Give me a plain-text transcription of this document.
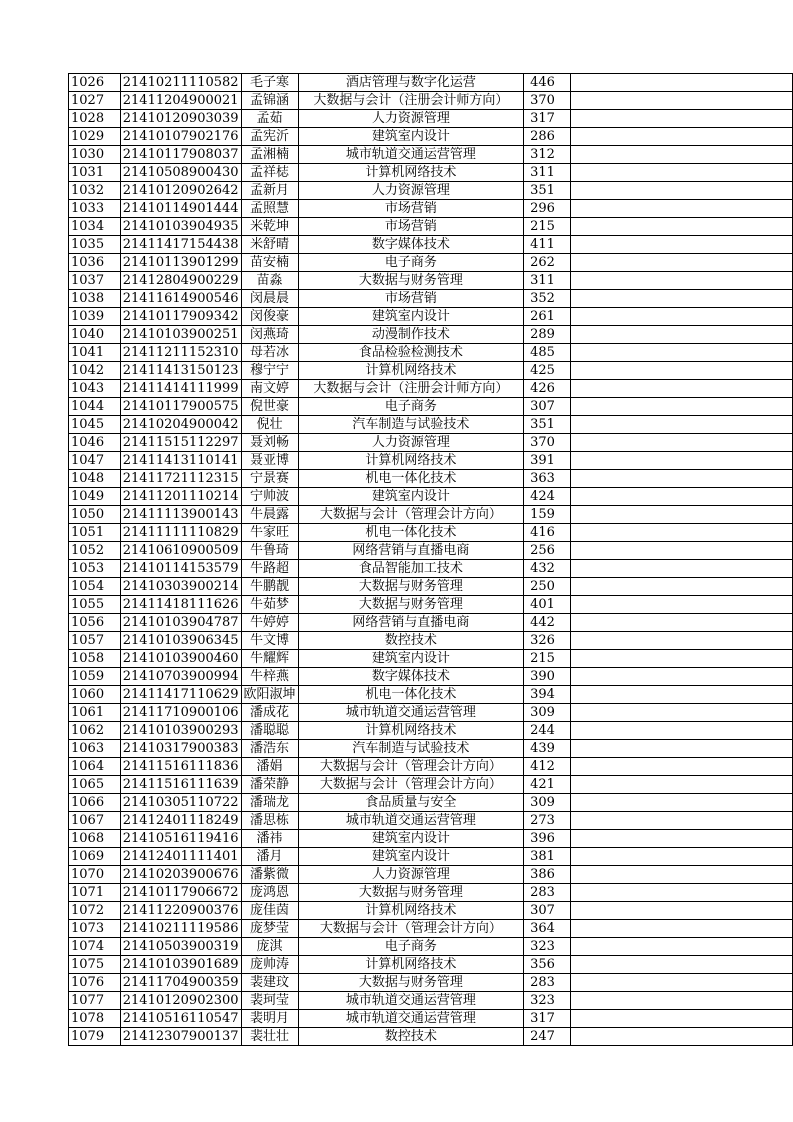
1026	21410211110582	毛子寒	酒店管理与数字化运营	446	
1027	21411204900021	孟锦涵	大数据与会计（注册会计师方向）	370	
1028	21410120903039	孟茹	人力资源管理	317	
1029	21410107902176	孟宪沂	建筑室内设计	286	
1030	21410117908037	孟湘楠	城市轨道交通运营管理	312	
1031	21410508900430	孟祥梽	计算机网络技术	311	
1032	21410120902642	孟新月	人力资源管理	351	
1033	21410114901444	孟照慧	市场营销	296	
1034	21410103904935	米乾坤	市场营销	215	
1035	21411417154438	米舒晴	数字媒体技术	411	
1036	21410113901299	苗安楠	电子商务	262	
1037	21412804900229	苗淼	大数据与财务管理	311	
1038	21411614900546	闵晨晨	市场营销	352	
1039	21410117909342	闵俊豪	建筑室内设计	261	
1040	21410103900251	闵燕琦	动漫制作技术	289	
1041	21411211152310	母若冰	食品检验检测技术	485	
1042	21411413150123	穆宁宁	计算机网络技术	425	
1043	21411414111999	南文婷	大数据与会计（注册会计师方向）	426	
1044	21410117900575	倪世豪	电子商务	307	
1045	21410204900042	倪壮	汽车制造与试验技术	351	
1046	21411515112297	聂刘畅	人力资源管理	370	
1047	21411413110141	聂亚博	计算机网络技术	391	
1048	21411721112315	宁景赛	机电一体化技术	363	
1049	21411201110214	宁帅波	建筑室内设计	424	
1050	21411113900143	牛晨露	大数据与会计（管理会计方向）	159	
1051	21411111110829	牛家旺	机电一体化技术	416	
1052	21410610900509	牛鲁琦	网络营销与直播电商	256	
1053	21410114153579	牛路超	食品智能加工技术	432	
1054	21410303900214	牛鹏靓	大数据与财务管理	250	
1055	21411418111626	牛茹梦	大数据与财务管理	401	
1056	21410103904787	牛婷婷	网络营销与直播电商	442	
1057	21410103906345	牛文博	数控技术	326	
1058	21410103900460	牛耀辉	建筑室内设计	215	
1059	21410703900994	牛梓燕	数字媒体技术	390	
1060	21411417110629	欧阳淑坤	机电一体化技术	394	
1061	21411710900106	潘成花	城市轨道交通运营管理	309	
1062	21410103900293	潘聪聪	计算机网络技术	244	
1063	21410317900383	潘浩东	汽车制造与试验技术	439	
1064	21411516111836	潘娟	大数据与会计（管理会计方向）	412	
1065	21411516111639	潘荣静	大数据与会计（管理会计方向）	421	
1066	21410305110722	潘瑞龙	食品质量与安全	309	
1067	21412401118249	潘思栋	城市轨道交通运营管理	273	
1068	21410516119416	潘祎	建筑室内设计	396	
1069	21412401111401	潘月	建筑室内设计	381	
1070	21410203900676	潘紫微	人力资源管理	386	
1071	21410117906672	庞鸿恩	大数据与财务管理	283	
1072	21411220900376	庞佳茵	计算机网络技术	307	
1073	21410211119586	庞梦莹	大数据与会计（管理会计方向）	364	
1074	21410503900319	庞淇	电子商务	323	
1075	21410103901689	庞帅涛	计算机网络技术	356	
1076	21411704900359	裴建玟	大数据与财务管理	283	
1077	21410120902300	裴珂莹	城市轨道交通运营管理	323	
1078	21410516110547	裴明月	城市轨道交通运营管理	317	
1079	21412307900137	裴壮壮	数控技术	247	
